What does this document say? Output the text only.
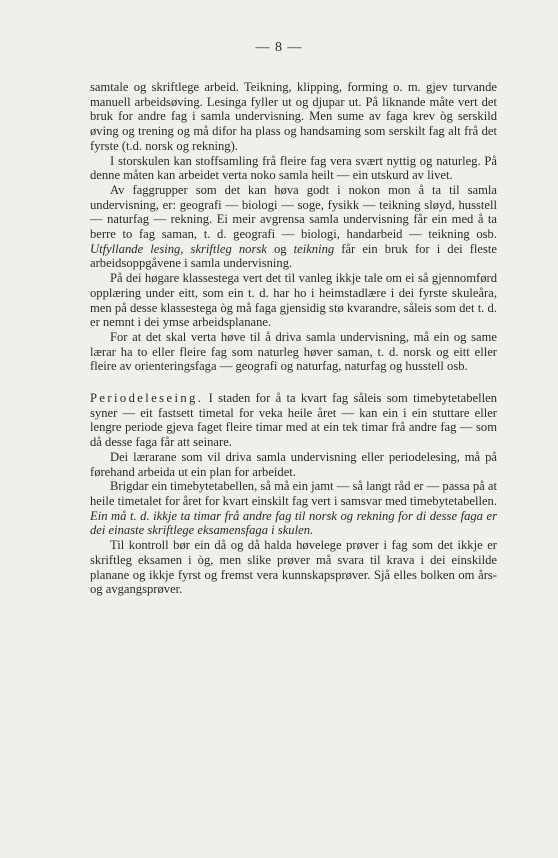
— 8 —

samtale og skriftlege arbeid. Teikning, klipping, forming o. m. gjev turvande manuell arbeidsøving. Lesinga fyller ut og djupar ut. På liknande måte vert det bruk for andre fag i samla undervisning. Men sume av faga krev òg serskild øving og trening og må difor ha plass og handsaming som serskilt fag alt frå det fyrste (t.d. norsk og rekning).

I storskulen kan stoffsamling frå fleire fag vera svært nyttig og naturleg. På denne måten kan arbeidet verta noko samla heilt — ein utskurd av livet.

Av faggrupper som det kan høva godt i nokon mon å ta til samla undervisning, er: geografi — biologi — soge, fysikk — teikning sløyd, husstell — naturfag — rekning. Ei meir avgrensa samla undervisning får ein med å ta berre to fag saman, t. d. geografi — biologi, handarbeid — teikning osb. Utfyllande lesing, skriftleg norsk og teikning får ein bruk for i dei fleste arbeidsoppgåvene i samla undervisning.

På dei høgare klassestega vert det til vanleg ikkje tale om ei så gjennomførd opplæring under eitt, som ein t. d. har ho i heimstadlære i dei fyrste skuleåra, men på desse klassestega òg må faga gjensidig stø kvarandre, såleis som det t. d. er nemnt i dei ymse arbeidsplanane.

For at det skal verta høve til å driva samla undervisning, må ein og same lærar ha to eller fleire fag som naturleg høver saman, t. d. norsk og eitt eller fleire av orienteringsfaga — geografi og naturfag, naturfag og husstell osb.

Periodeleseing. I staden for å ta kvart fag såleis som timebytetabellen syner — eit fastsett timetal for veka heile året — kan ein i ein stuttare eller lengre periode gjeva faget fleire timar med at ein tek timar frå andre fag — som då desse faga får att seinare.

Dei lærarane som vil driva samla undervisning eller periodelesing, må på førehand arbeida ut ein plan for arbeidet.

Brigdar ein timebytetabellen, så må ein jamt — så langt råd er — passa på at heile timetalet for året for kvart einskilt fag vert i samsvar med timebytetabellen. Ein må t. d. ikkje ta timar frå andre fag til norsk og rekning for di desse faga er dei einaste skriftlege eksamensfaga i skulen.

Til kontroll bør ein då og då halda høvelege prøver i fag som det ikkje er skriftleg eksamen i òg, men slike prøver må svara til krava i dei einskilde planane og ikkje fyrst og fremst vera kunnskapsprøver. Sjå elles bolken om års- og avgangsprøver.
